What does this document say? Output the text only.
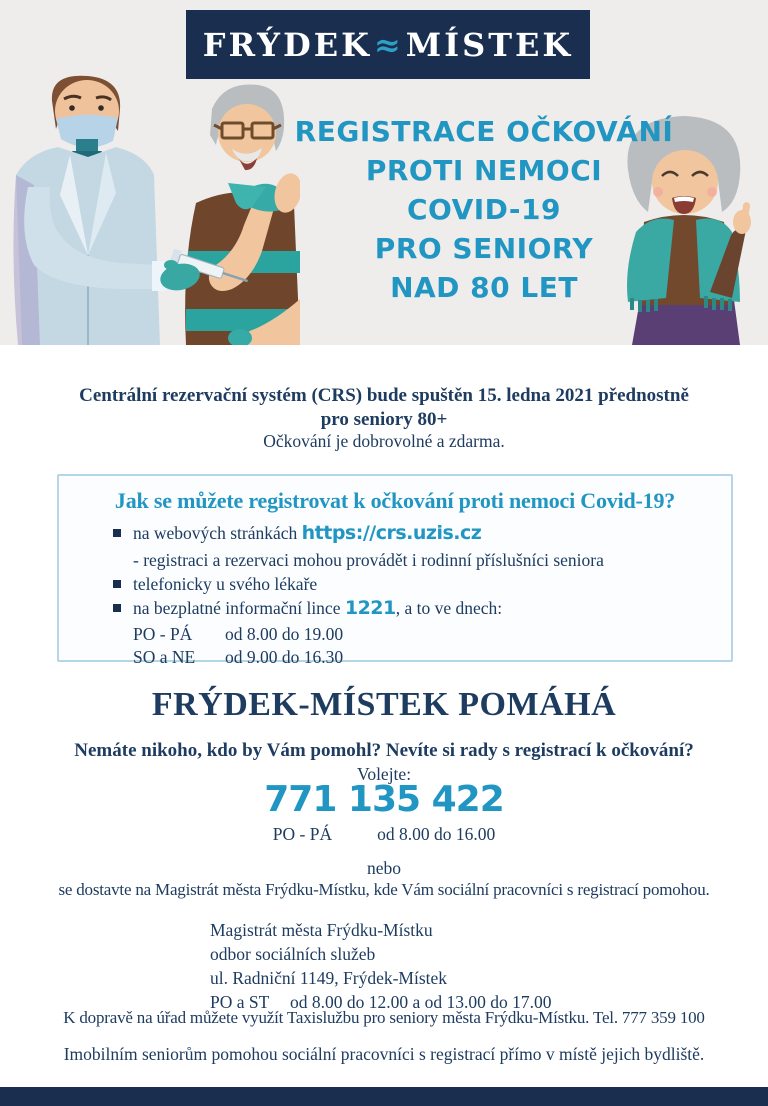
FRÝDEK≈MÍSTEK
REGISTRACE OČKOVÁNÍ
PROTI NEMOCI
COVID-19
PRO SENIORY
NAD 80 LET
Centrální rezervační systém (CRS) bude spuštěn 15. ledna 2021 přednostně
pro seniory 80+
Očkování je dobrovolné a zdarma.
Jak se můžete registrovat k očkování proti nemoci Covid-19?
na webových stránkách https://crs.uzis.cz
- registraci a rezervaci mohou provádět i rodinní příslušníci seniora
telefonicky u svého lékaře
na bezplatné informační lince 1221, a to ve dnech:
PO - PÁ od 8.00 do 19.00
SO a NE od 9.00 do 16.30
FRÝDEK-MÍSTEK POMÁHÁ
Nemáte nikoho, kdo by Vám pomohl? Nevíte si rady s registrací k očkování?
Volejte:
771 135 422
PO - PÁ	od 8.00 do 16.00
nebo
se dostavte na Magistrát města Frýdku-Místku, kde Vám sociální pracovníci s registrací pomohou.
Magistrát města Frýdku-Místku
odbor sociálních služeb
ul. Radniční 1149, Frýdek-Místek
PO a ST od 8.00 do 12.00 a od 13.00 do 17.00
K dopravě na úřad můžete využít Taxislužbu pro seniory města Frýdku-Místku. Tel. 777 359 100
Imobilním seniorům pomohou sociální pracovníci s registrací přímo v místě jejich bydliště.
